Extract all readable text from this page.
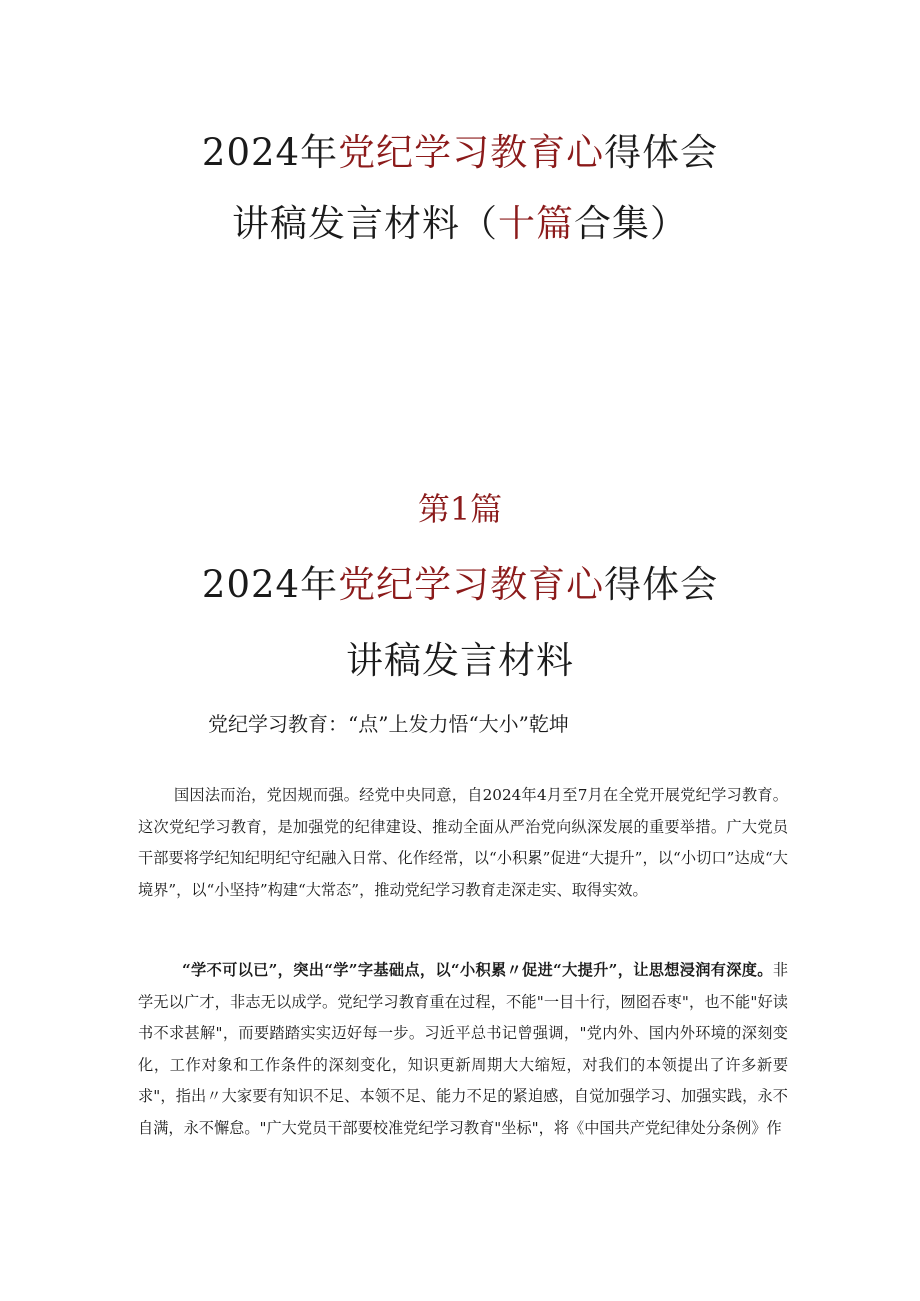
2024年党纪学习教育心得体会
讲稿发言材料（十篇合集）
第1篇
2024年党纪学习教育心得体会
讲稿发言材料
党纪学习教育：“点”上发力悟“大小”乾坤

国因法而治，党因规而强。经党中央同意，自2024年4月至7月在全党开展党纪学习教育。这次党纪学习教育，是加强党的纪律建设、推动全面从严治党向纵深发展的重要举措。广大党员干部要将学纪知纪明纪守纪融入日常、化作经常，以“小积累”促进“大提升”，以“小切口”达成“大境界”，以“小坚持”构建“大常态”，推动党纪学习教育走深走实、取得实效。

“学不可以已”，突出“学”字基础点，以“小积累〃促进“大提升”，让思想浸润有深度。非学无以广才，非志无以成学。党纪学习教育重在过程，不能"一目十行，囫囵吞枣"，也不能"好读书不求甚解"，而要踏踏实实迈好每一步。习近平总书记曾强调，"党内外、国内外环境的深刻变化，工作对象和工作条件的深刻变化，知识更新周期大大缩短，对我们的本领提出了许多新要求"，指出〃大家要有知识不足、本领不足、能力不足的紧迫感，自觉加强学习、加强实践，永不自满，永不懈怠。"广大党员干部要校准党纪学习教育"坐标"，将《中国共产党纪律处分条例》作
